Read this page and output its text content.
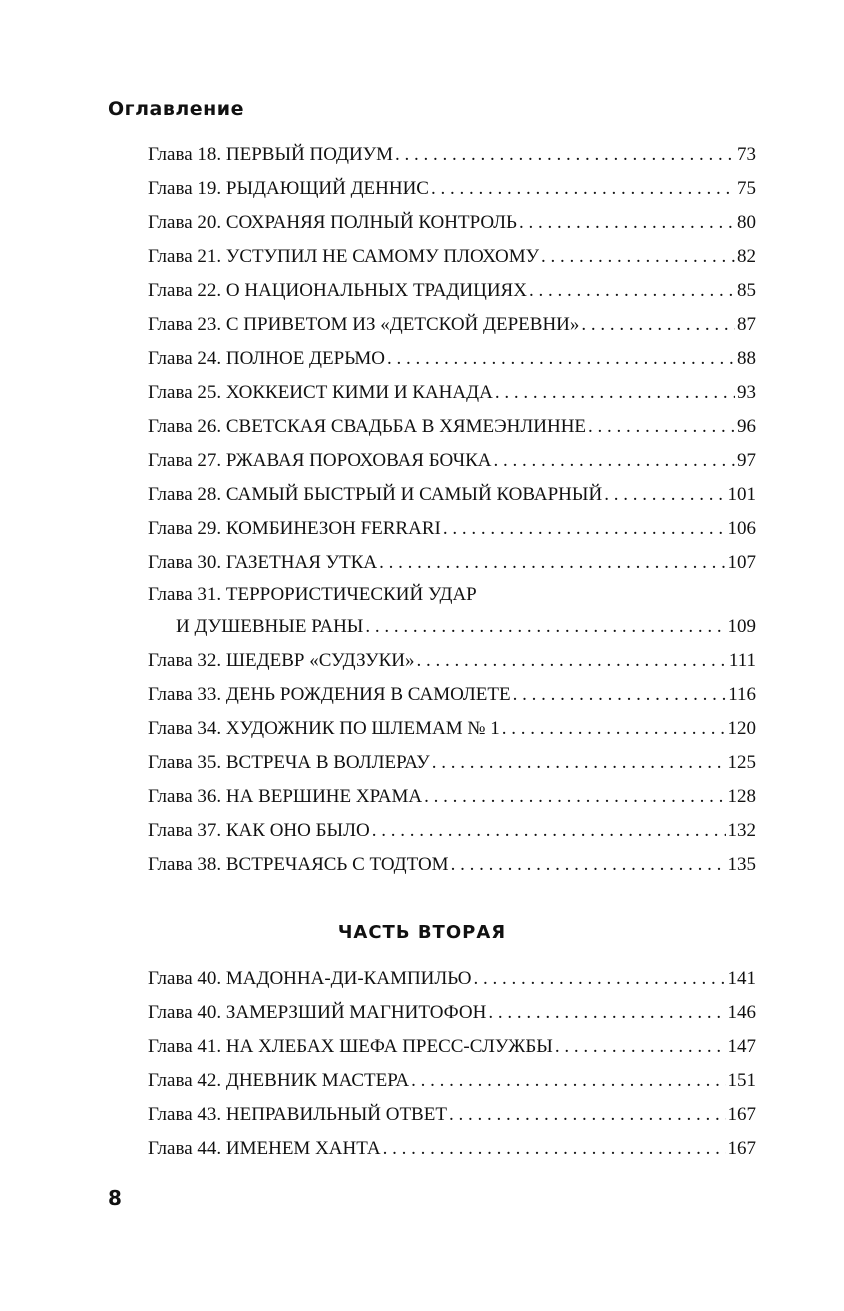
Оглавление
Глава 18. ПЕРВЫЙ ПОДИУМ . . .	73
Глава 19. РЫДАЮЩИЙ ДЕННИС . . .	75
Глава 20. СОХРАНЯЯ ПОЛНЫЙ КОНТРОЛЬ . . .	80
Глава 21. УСТУПИЛ НЕ САМОМУ ПЛОХОМУ . . .	82
Глава 22. О НАЦИОНАЛЬНЫХ ТРАДИЦИЯХ . . .	85
Глава 23. С ПРИВЕТОМ ИЗ «ДЕТСКОЙ ДЕРЕВНИ» . . .	87
Глава 24. ПОЛНОЕ ДЕРЬМО . . .	88
Глава 25. ХОККЕИСТ КИМИ И КАНАДА . . .	93
Глава 26. СВЕТСКАЯ СВАДЬБА В ХЯМЕЭНЛИННЕ . . .	96
Глава 27. РЖАВАЯ ПОРОХОВАЯ БОЧКА . . .	97
Глава 28. САМЫЙ БЫСТРЫЙ И САМЫЙ КОВАРНЫЙ . . .	101
Глава 29. КОМБИНЕЗОН FERRARI . . .	106
Глава 30. ГАЗЕТНАЯ УТКА . . .	107
Глава 31. ТЕРРОРИСТИЧЕСКИЙ УДАР
И ДУШЕВНЫЕ РАНЫ . . .	109
Глава 32. ШЕДЕВР «СУДЗУКИ» . . .	111
Глава 33. ДЕНЬ РОЖДЕНИЯ В САМОЛЕТЕ . . .	116
Глава 34. ХУДОЖНИК ПО ШЛЕМАМ № 1 . . .	120
Глава 35. ВСТРЕЧА В ВОЛЛЕРАУ . . .	125
Глава 36. НА ВЕРШИНЕ ХРАМА . . .	128
Глава 37. КАК ОНО БЫЛО . . .	132
Глава 38. ВСТРЕЧАЯСЬ С ТОДТОМ . . .	135
ЧАСТЬ ВТОРАЯ
Глава 40. МАДОННА-ДИ-КАМПИЛЬО . . .	141
Глава 40. ЗАМЕРЗШИЙ МАГНИТОФОН . . .	146
Глава 41. НА ХЛЕБАХ ШЕФА ПРЕСС-СЛУЖБЫ . . .	147
Глава 42. ДНЕВНИК МАСТЕРА . . .	151
Глава 43. НЕПРАВИЛЬНЫЙ ОТВЕТ . . .	167
Глава 44. ИМЕНЕМ ХАНТА . . .	167
8
